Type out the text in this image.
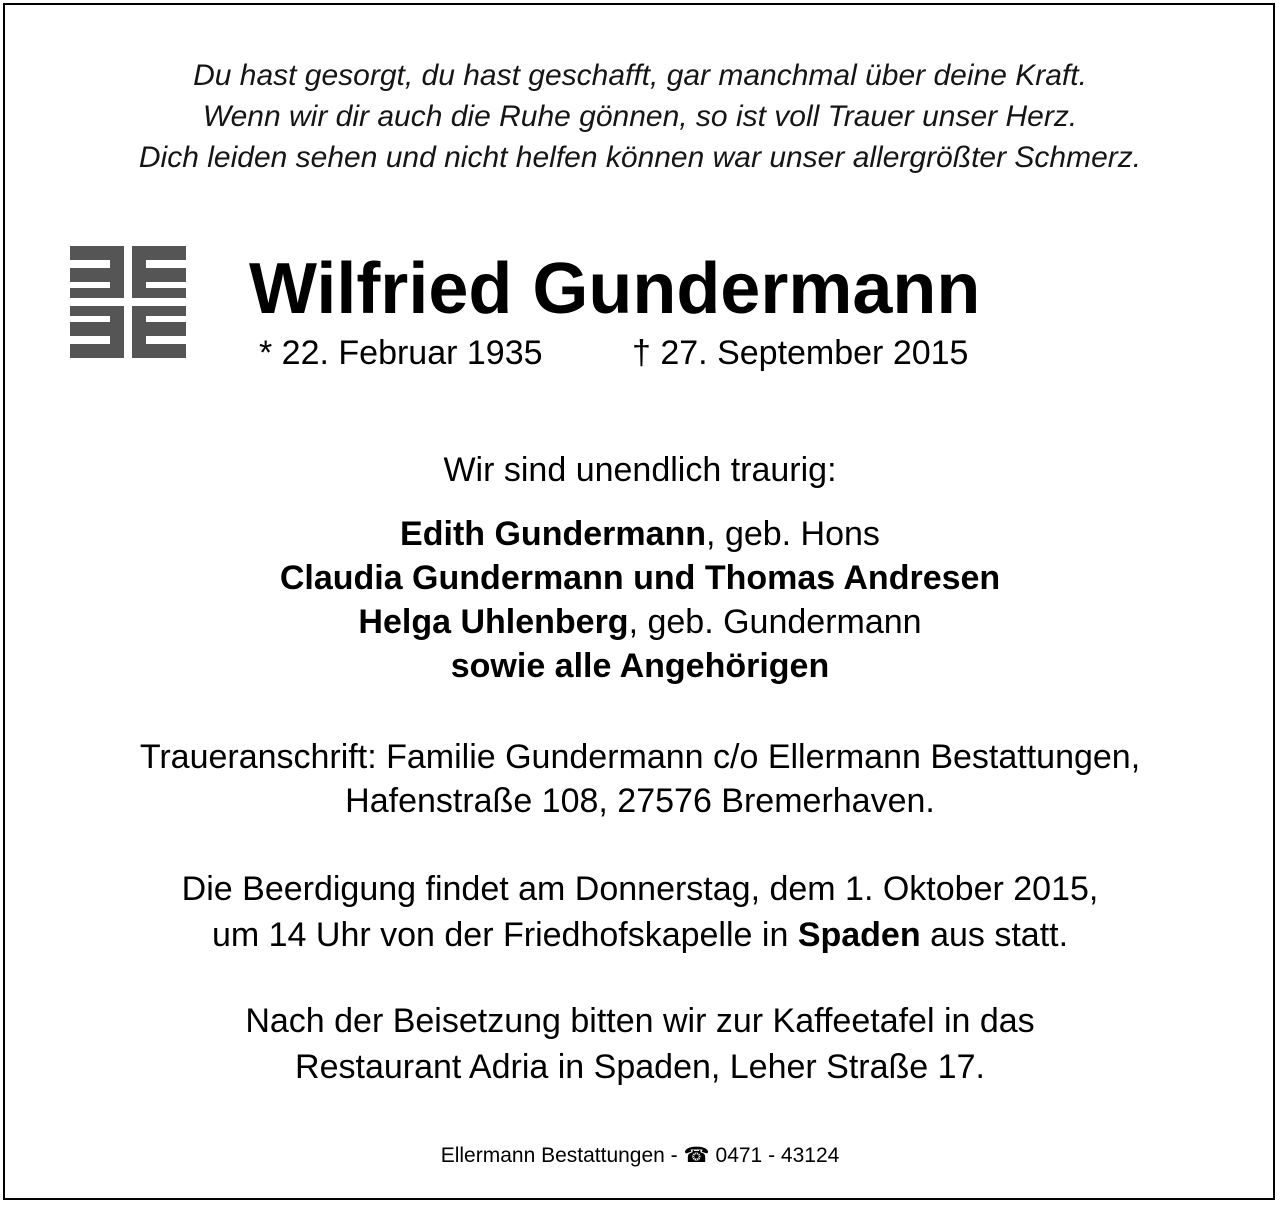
Du hast gesorgt, du hast geschafft, gar manchmal über deine Kraft.
Wenn wir dir auch die Ruhe gönnen, so ist voll Trauer unser Herz.
Dich leiden sehen und nicht helfen können war unser allergrößter Schmerz.
Wilfried Gundermann
* 22. Februar 1935	† 27. September 2015
Wir sind unendlich traurig:
Edith Gundermann, geb. Hons
Claudia Gundermann und Thomas Andresen
Helga Uhlenberg, geb. Gundermann
sowie alle Angehörigen
Traueranschrift: Familie Gundermann c/o Ellermann Bestattungen,
Hafenstraße 108, 27576 Bremerhaven.
Die Beerdigung findet am Donnerstag, dem 1. Oktober 2015,
um 14 Uhr von der Friedhofskapelle in Spaden aus statt.
Nach der Beisetzung bitten wir zur Kaffeetafel in das
Restaurant Adria in Spaden, Leher Straße 17.
Ellermann Bestattungen - ☎ 0471 - 43124
